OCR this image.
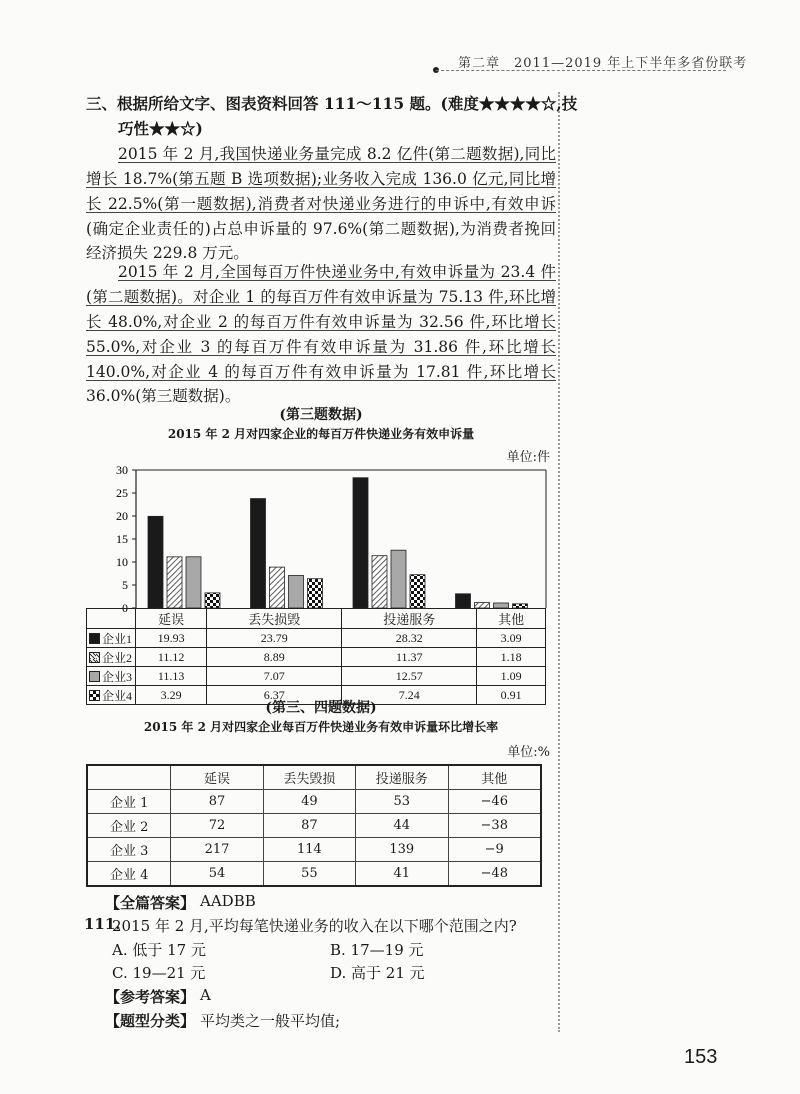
第二章　2011—2019 年上下半年多省份联考
三、根据所给文字、图表资料回答 111～115 题。(难度★★★★☆,技
巧性★★☆)
2015 年 2 月,我国快递业务量完成 8.2 亿件(第二题数据),同比
增长 18.7%(第五题 B 选项数据);业务收入完成 136.0 亿元,同比增
长 22.5%(第一题数据),消费者对快递业务进行的申诉中,有效申诉
(确定企业责任的)占总申诉量的 97.6%(第二题数据),为消费者挽回
经济损失 229.8 万元。
2015 年 2 月,全国每百万件快递业务中,有效申诉量为 23.4 件
(第二题数据)。对企业 1 的每百万件有效申诉量为 75.13 件,环比增
长 48.0%,对企业 2 的每百万件有效申诉量为 32.56 件,环比增长
55.0%,对企业 3 的每百万件有效申诉量为 31.86 件,环比增长
140.0%,对企业 4 的每百万件有效申诉量为 17.81 件,环比增长
36.0%(第三题数据)。
(第三题数据)
2015 年 2 月对四家企业的每百万件快递业务有效申诉量
单位:件
0
5
10
15
20
25
30
	延误	丢失损毁	投递服务	其他
企业1	19.93	23.79	28.32	3.09
企业2	11.12	8.89	11.37	1.18
企业3	11.13	7.07	12.57	1.09
企业4	3.29	6.37	7.24	0.91
(第三、四题数据)
2015 年 2 月对四家企业每百万件快递业务有效申诉量环比增长率
单位:%
	延误	丢失毁损	投递服务	其他
企业 1	87	49	53	−46
企业 2	72	87	44	−38
企业 3	217	114	139	−9
企业 4	54	55	41	−48
【全篇答案】 AADBB
111.
2015 年 2 月,平均每笔快递业务的收入在以下哪个范围之内?
A. 低于 17 元	B. 17—19 元
C. 19—21 元	D. 高于 21 元
【参考答案】 A
【题型分类】 平均类之一般平均值;
153
